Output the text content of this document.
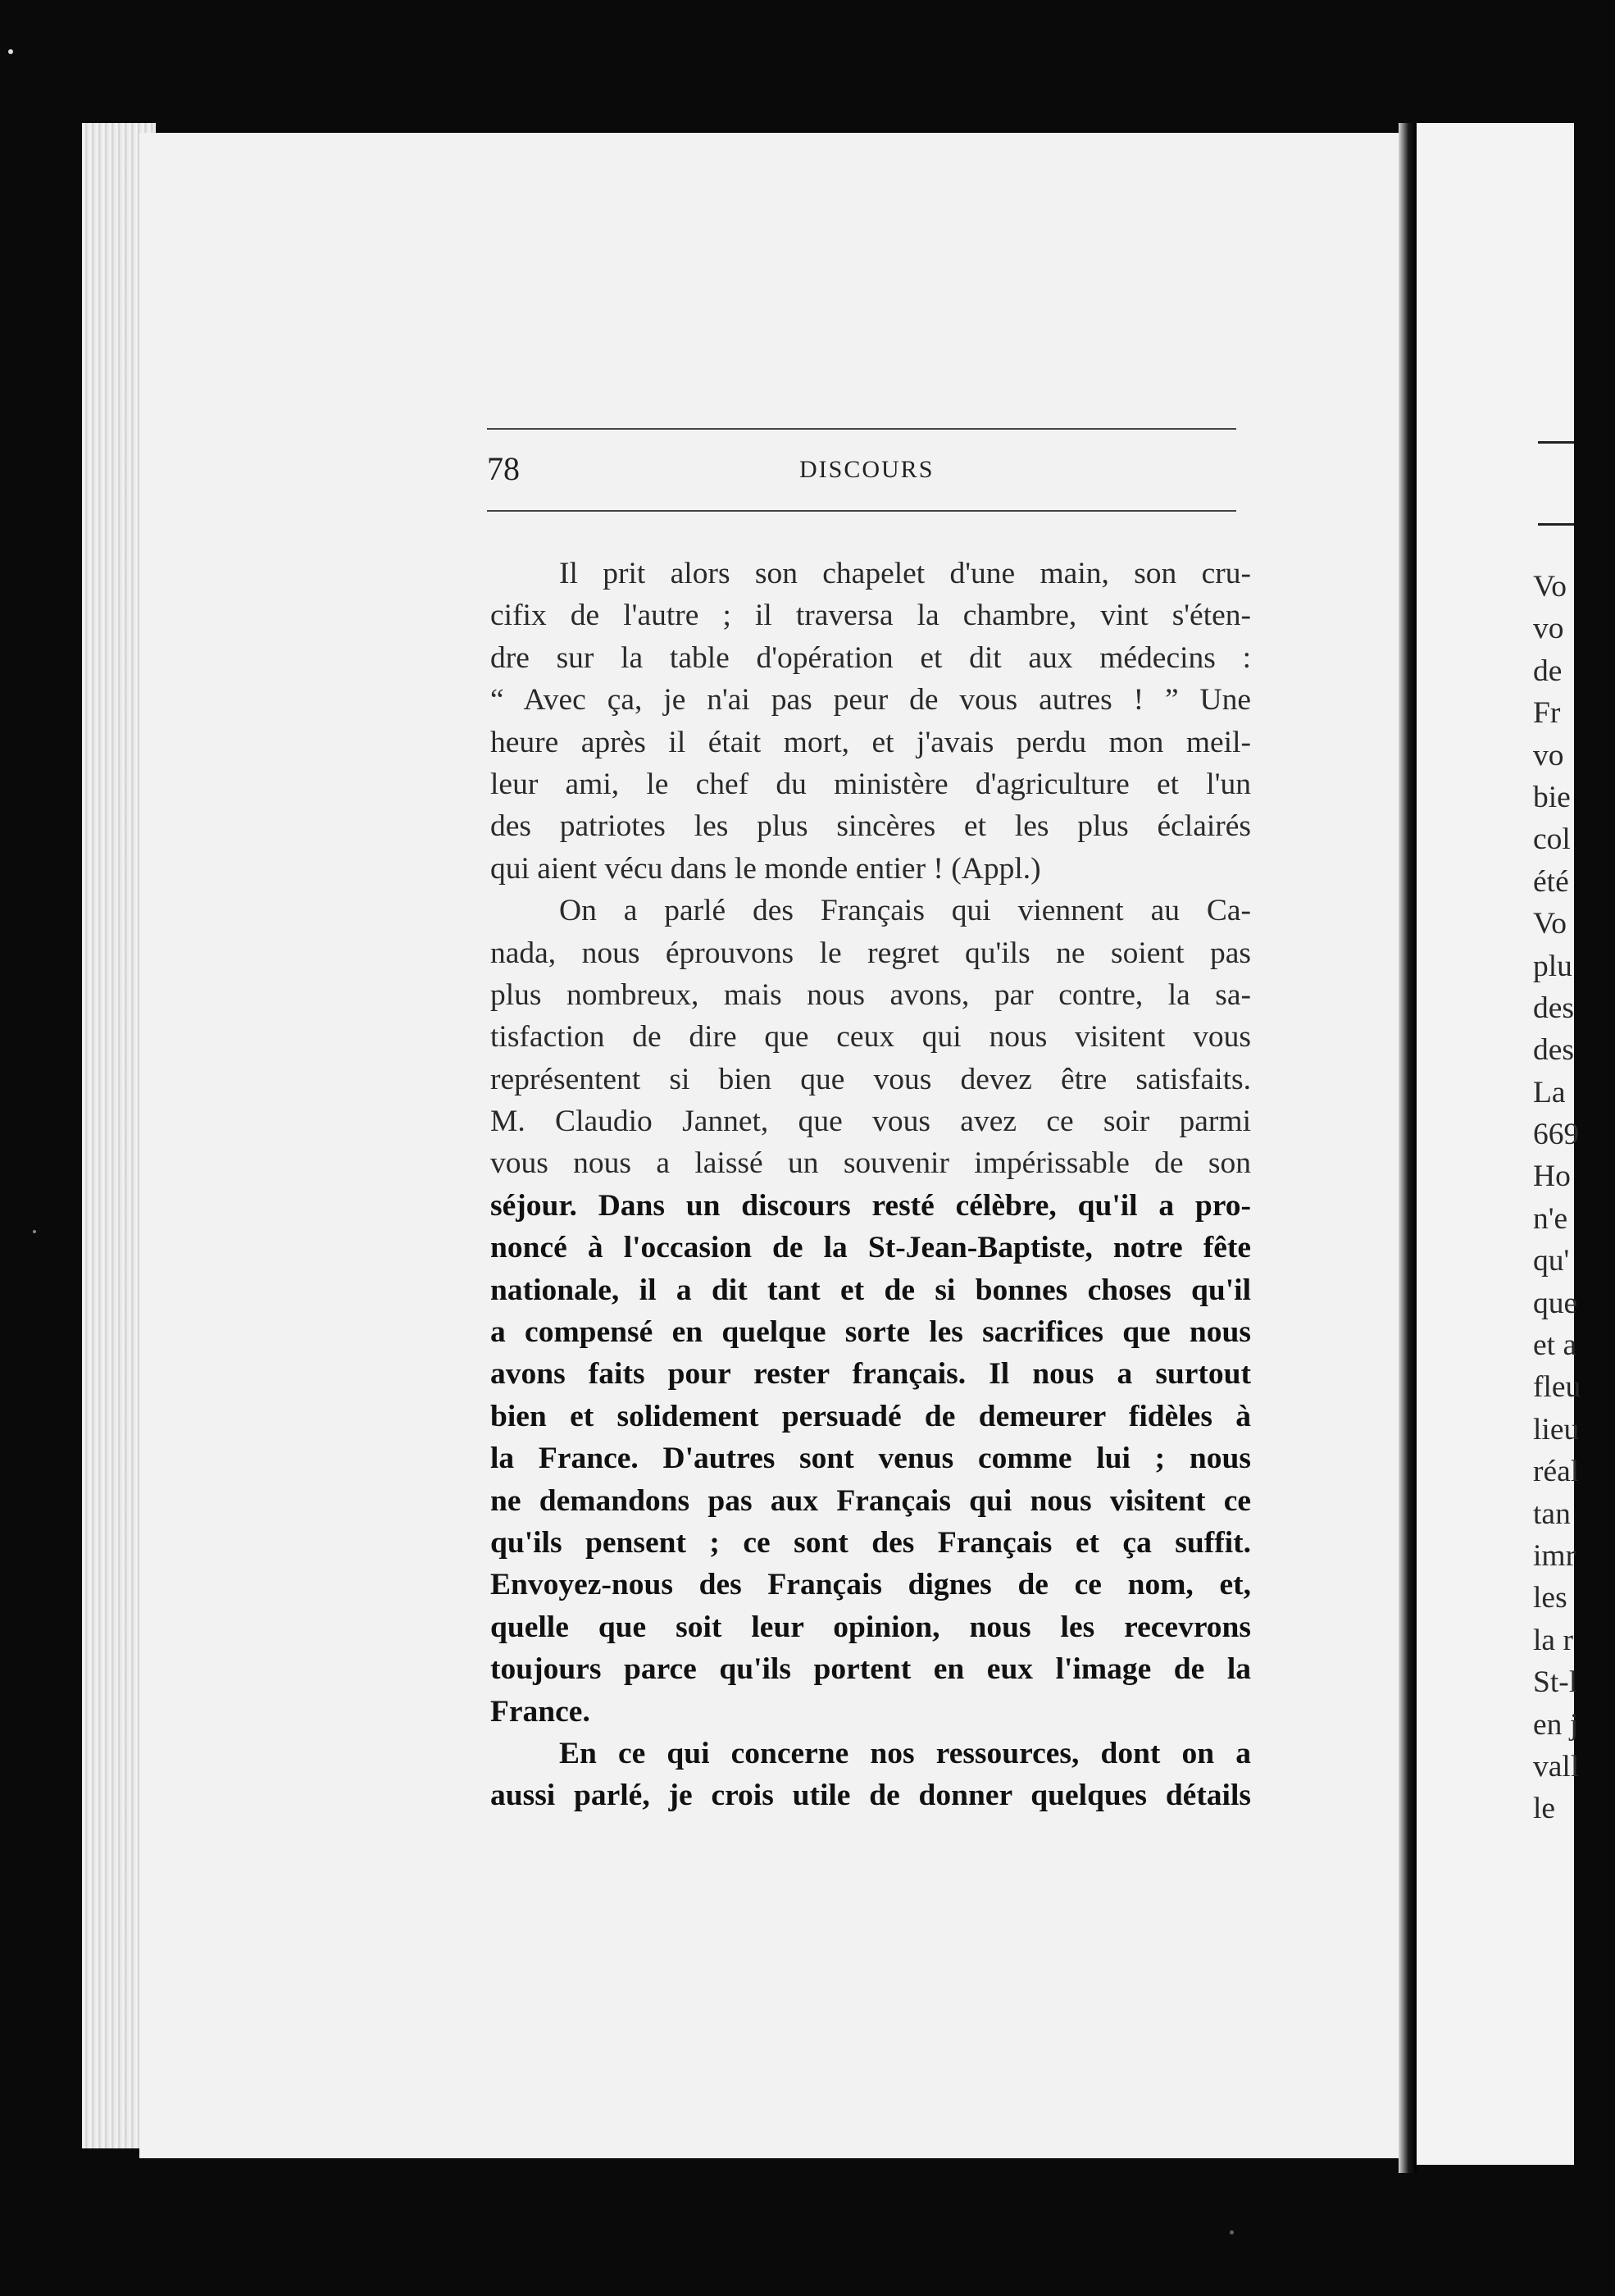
78	DISCOURS
Il prit alors son chapelet d'une main, son cru-
cifix de l'autre ; il traversa la chambre, vint s'éten-
dre sur la table d'opération et dit aux médecins :
“ Avec ça, je n'ai pas peur de vous autres ! ” Une
heure après il était mort, et j'avais perdu mon meil-
leur ami, le chef du ministère d'agriculture et l'un
des patriotes les plus sincères et les plus éclairés
qui aient vécu dans le monde entier ! (Appl.)
On a parlé des Français qui viennent au Ca-
nada, nous éprouvons le regret qu'ils ne soient pas
plus nombreux, mais nous avons, par contre, la sa-
tisfaction de dire que ceux qui nous visitent vous
représentent si bien que vous devez être satisfaits.
M. Claudio Jannet, que vous avez ce soir parmi
vous nous a laissé un souvenir impérissable de son
séjour. Dans un discours resté célèbre, qu'il a pro-
noncé à l'occasion de la St-Jean-Baptiste, notre fête
nationale, il a dit tant et de si bonnes choses qu'il
a compensé en quelque sorte les sacrifices que nous
avons faits pour rester français. Il nous a surtout
bien et solidement persuadé de demeurer fidèles à
la France. D'autres sont venus comme lui ; nous
ne demandons pas aux Français qui nous visitent ce
qu'ils pensent ; ce sont des Français et ça suffit.
Envoyez-nous des Français dignes de ce nom, et,
quelle que soit leur opinion, nous les recevrons
toujours parce qu'ils portent en eux l'image de la
France.
En ce qui concerne nos ressources, dont on a
aussi parlé, je crois utile de donner quelques détails
Vo
vo
de
Fr
vo
bie
col
été
Vo
plu
des
des
La
669
Ho
n'e
qu'
que
et a
fleu
lieu
réal
tan
imr
les
la r
St-l
en j
vall
le
